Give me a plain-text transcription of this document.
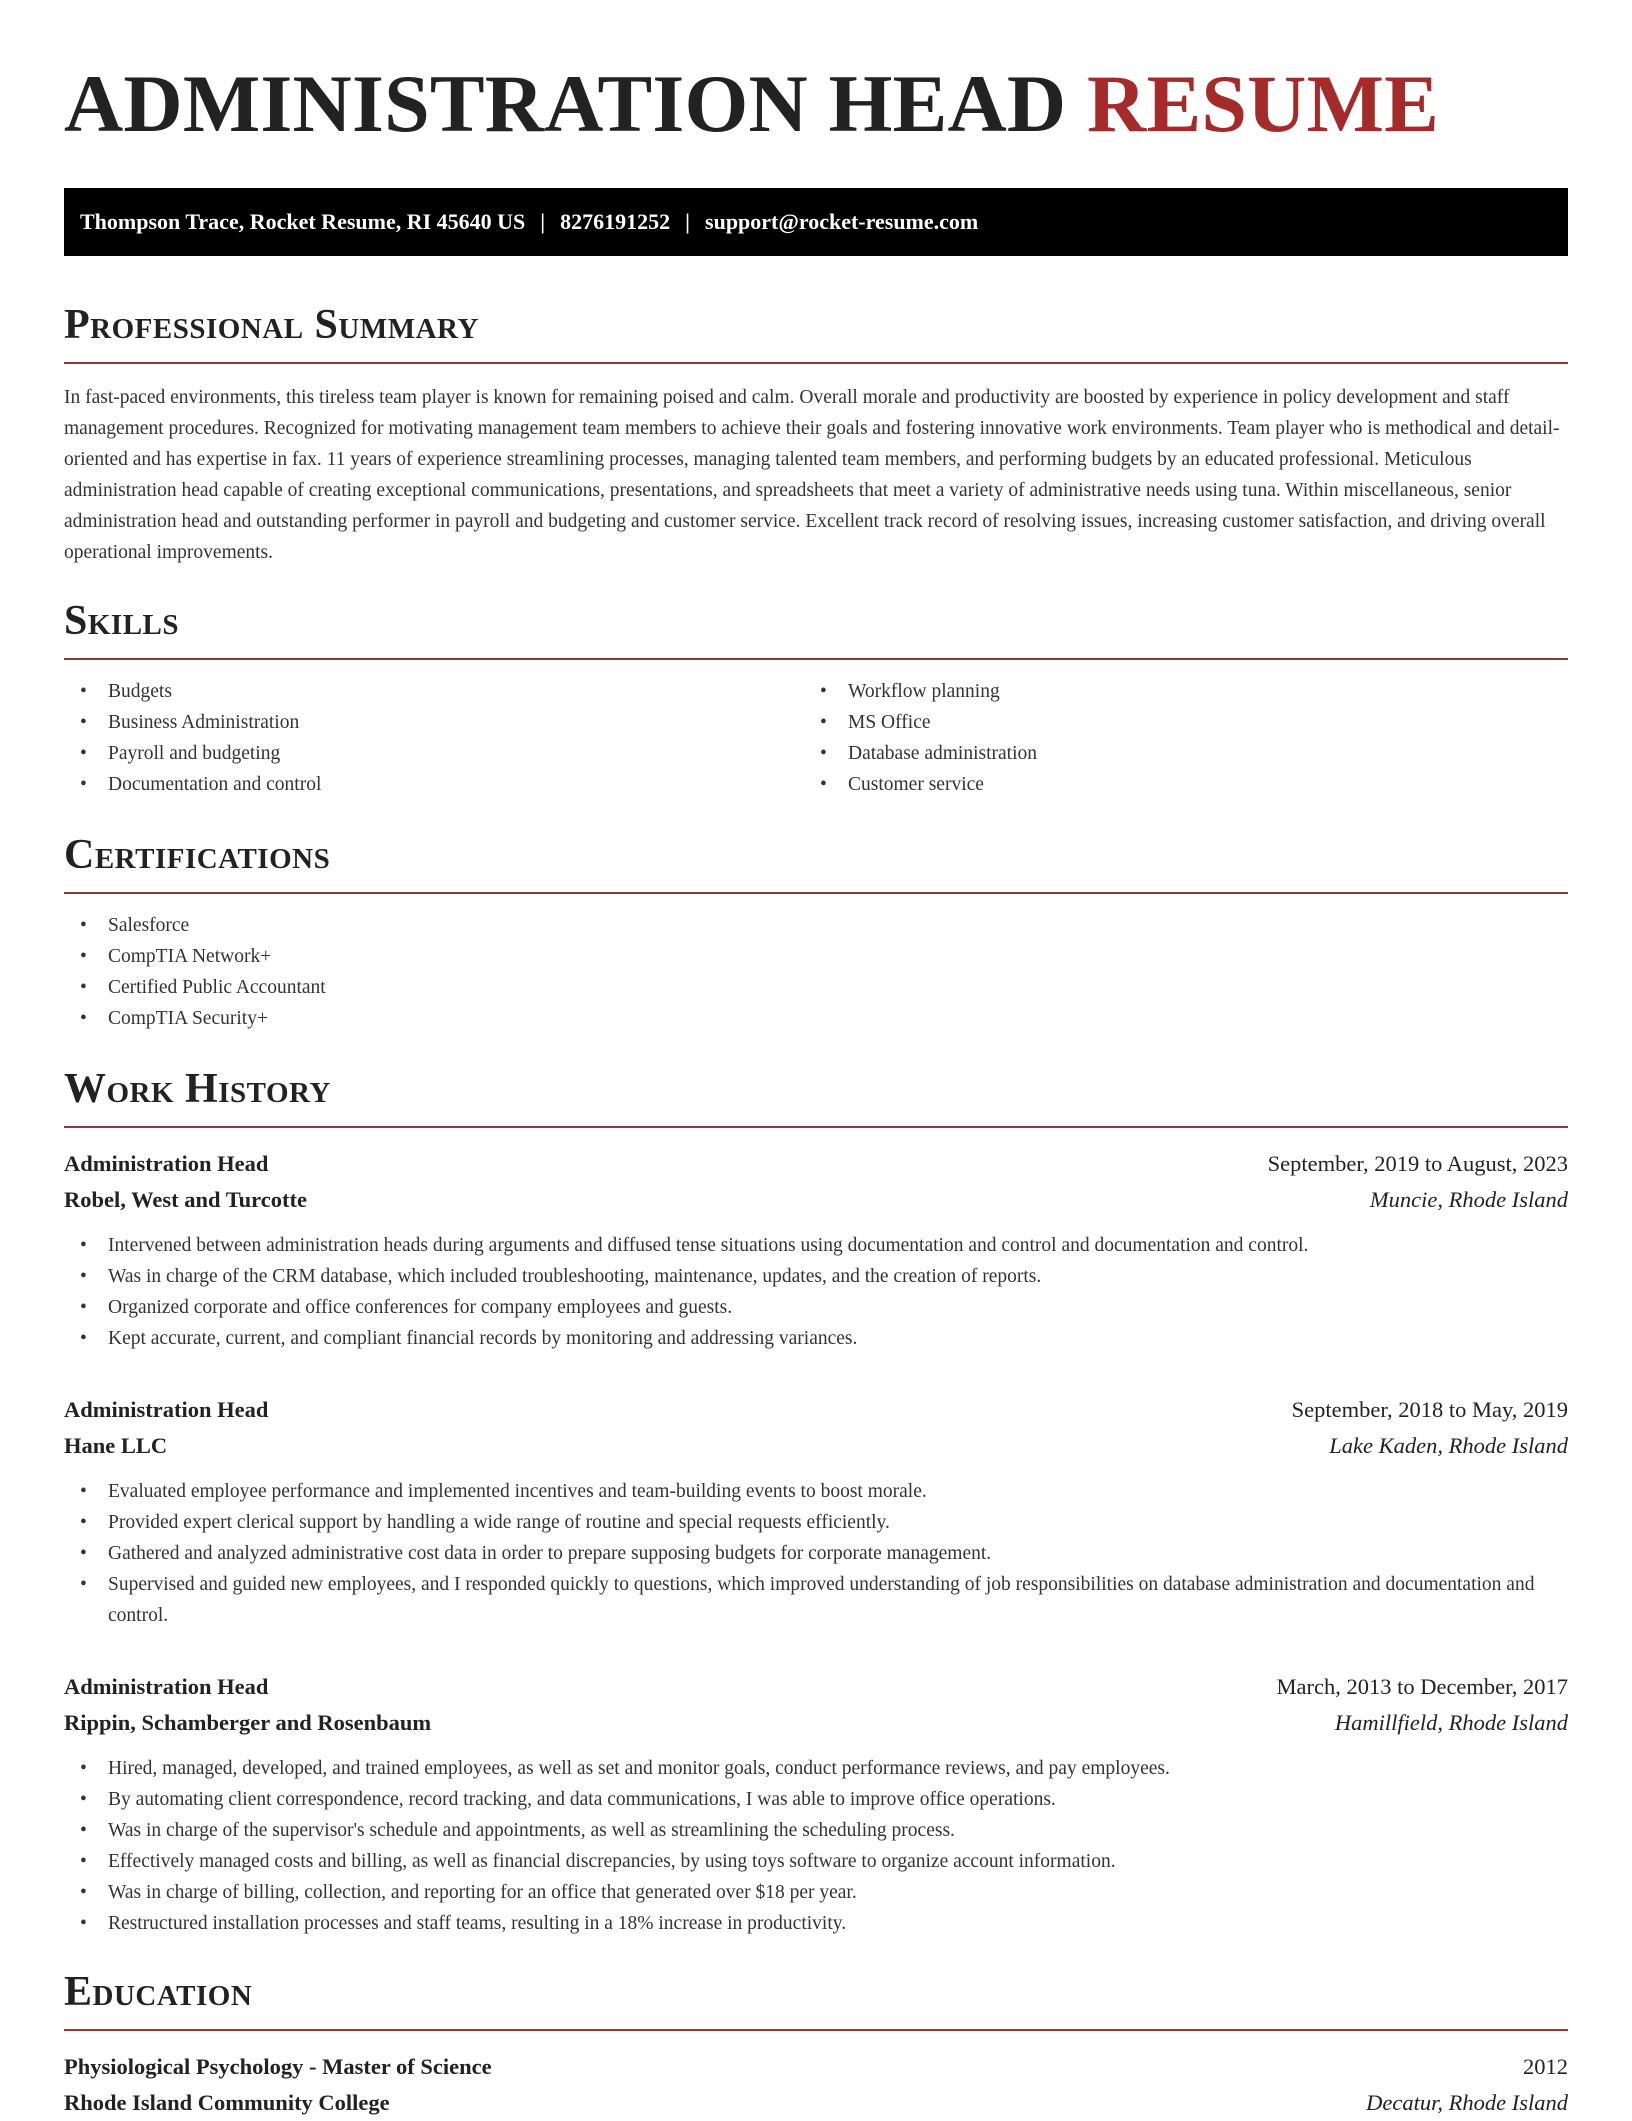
ADMINISTRATION HEAD RESUME
Thompson Trace, Rocket Resume, RI 45640 US | 8276191252 | support@rocket-resume.com
Professional Summary

In fast-paced environments, this tireless team player is known for remaining poised and calm. Overall morale and productivity are boosted by experience in policy development and staff management procedures. Recognized for motivating management team members to achieve their goals and fostering innovative work environments. Team player who is methodical and detail-oriented and has expertise in fax. 11 years of experience streamlining processes, managing talented team members, and performing budgets by an educated professional. Meticulous administration head capable of creating exceptional communications, presentations, and spreadsheets that meet a variety of administrative needs using tuna. Within miscellaneous, senior administration head and outstanding performer in payroll and budgeting and customer service. Excellent track record of resolving issues, increasing customer satisfaction, and driving overall operational improvements.

Skills
• Budgets
• Business Administration
• Payroll and budgeting
• Documentation and control
• Workflow planning
• MS Office
• Database administration
• Customer service
Certifications
• Salesforce
• CompTIA Network+
• Certified Public Accountant
• CompTIA Security+
Work History
Administration Head	September, 2019 to August, 2023
Robel, West and Turcotte	Muncie, Rhode Island
• Intervened between administration heads during arguments and diffused tense situations using documentation and control and documentation and control.
• Was in charge of the CRM database, which included troubleshooting, maintenance, updates, and the creation of reports.
• Organized corporate and office conferences for company employees and guests.
• Kept accurate, current, and compliant financial records by monitoring and addressing variances.
Administration Head	September, 2018 to May, 2019
Hane LLC	Lake Kaden, Rhode Island
• Evaluated employee performance and implemented incentives and team-building events to boost morale.
• Provided expert clerical support by handling a wide range of routine and special requests efficiently.
• Gathered and analyzed administrative cost data in order to prepare supposing budgets for corporate management.
• Supervised and guided new employees, and I responded quickly to questions, which improved understanding of job responsibilities on database administration and documentation and control.
Administration Head	March, 2013 to December, 2017
Rippin, Schamberger and Rosenbaum	Hamillfield, Rhode Island
• Hired, managed, developed, and trained employees, as well as set and monitor goals, conduct performance reviews, and pay employees.
• By automating client correspondence, record tracking, and data communications, I was able to improve office operations.
• Was in charge of the supervisor's schedule and appointments, as well as streamlining the scheduling process.
• Effectively managed costs and billing, as well as financial discrepancies, by using toys software to organize account information.
• Was in charge of billing, collection, and reporting for an office that generated over $18 per year.
• Restructured installation processes and staff teams, resulting in a 18% increase in productivity.
Education
Physiological Psychology - Master of Science	2012
Rhode Island Community College	Decatur, Rhode Island
